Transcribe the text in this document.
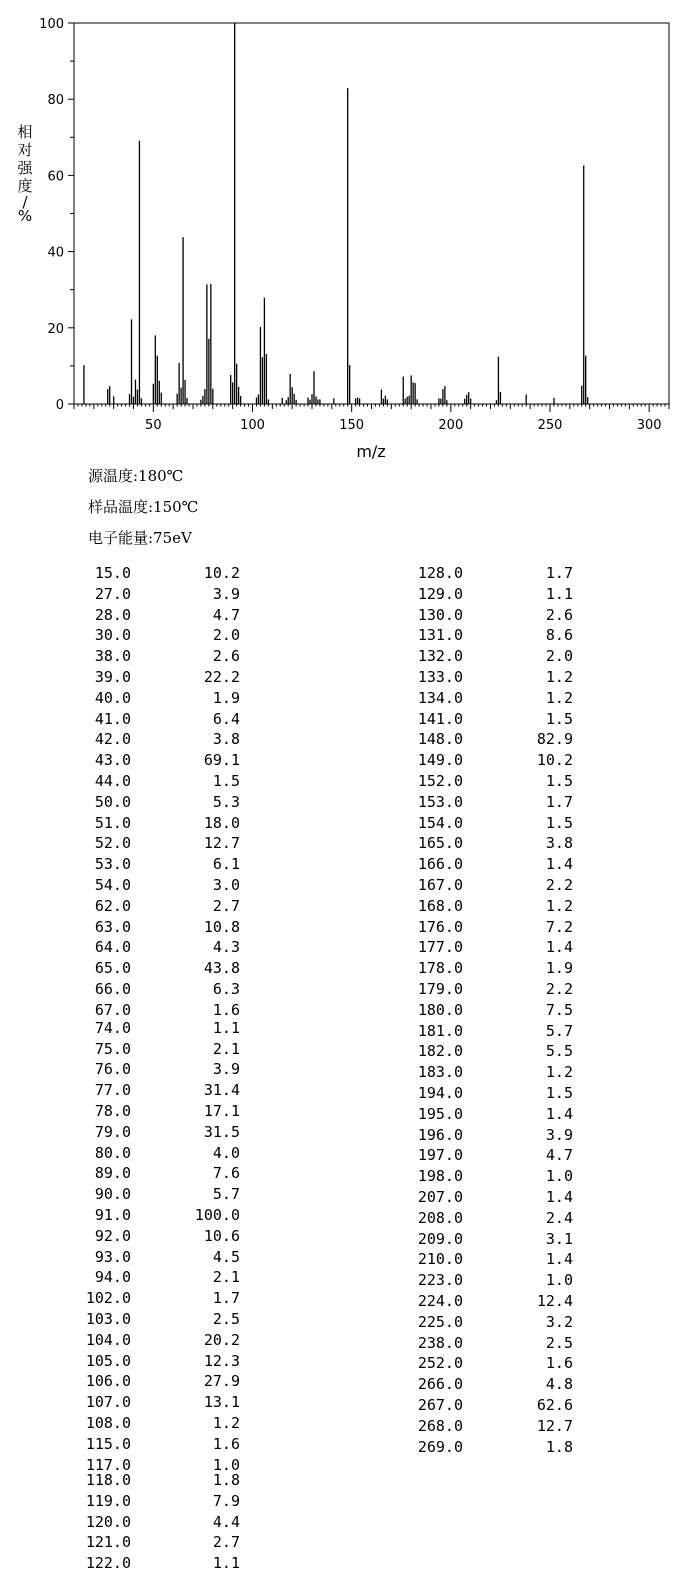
0
20
40
60
80
100
50	100	150	200	250	300
相
对
强
度
/
%
m/z
源温度:180℃
样品温度:150℃
电子能量:75eV
15.0	10.2
27.0	3.9
28.0	4.7
30.0	2.0
38.0	2.6
39.0	22.2
40.0	1.9
41.0	6.4
42.0	3.8
43.0	69.1
44.0	1.5
50.0	5.3
51.0	18.0
52.0	12.7
53.0	6.1
54.0	3.0
62.0	2.7
63.0	10.8
64.0	4.3
65.0	43.8
66.0	6.3
67.0	1.6
74.0	1.1
75.0	2.1
76.0	3.9
77.0	31.4
78.0	17.1
79.0	31.5
80.0	4.0
89.0	7.6
90.0	5.7
91.0	100.0
92.0	10.6
93.0	4.5
94.0	2.1
102.0	1.7
103.0	2.5
104.0	20.2
105.0	12.3
106.0	27.9
107.0	13.1
108.0	1.2
115.0	1.6
117.0	1.0
118.0	1.8
119.0	7.9
120.0	4.4
121.0	2.7
122.0	1.1
128.0	1.7
129.0	1.1
130.0	2.6
131.0	8.6
132.0	2.0
133.0	1.2
134.0	1.2
141.0	1.5
148.0	82.9
149.0	10.2
152.0	1.5
153.0	1.7
154.0	1.5
165.0	3.8
166.0	1.4
167.0	2.2
168.0	1.2
176.0	7.2
177.0	1.4
178.0	1.9
179.0	2.2
180.0	7.5
181.0	5.7
182.0	5.5
183.0	1.2
194.0	1.5
195.0	1.4
196.0	3.9
197.0	4.7
198.0	1.0
207.0	1.4
208.0	2.4
209.0	3.1
210.0	1.4
223.0	1.0
224.0	12.4
225.0	3.2
238.0	2.5
252.0	1.6
266.0	4.8
267.0	62.6
268.0	12.7
269.0	1.8
